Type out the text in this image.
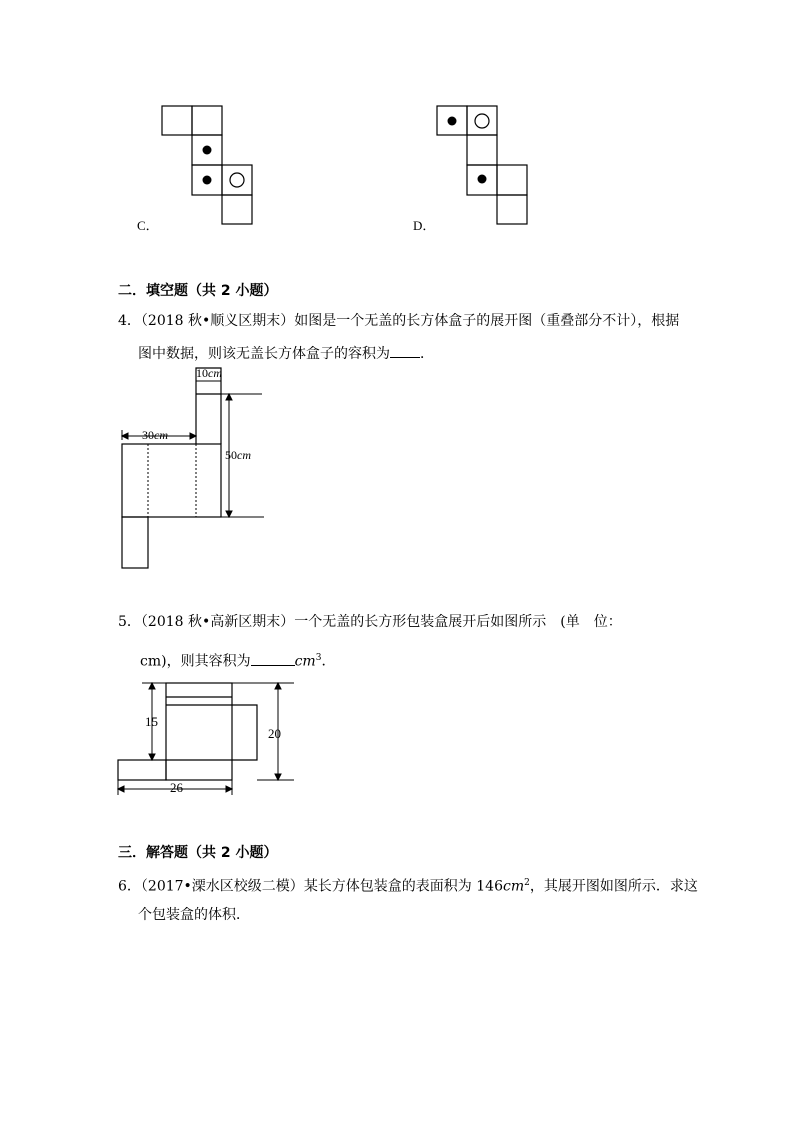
C．	D．
二．填空题（共 2 小题）
4．（2018 秋•顺义区期末）如图是一个无盖的长方体盒子的展开图（重叠部分不计），根据
图中数据，则该无盖长方体盒子的容积为 ．
10cm
30cm
50cm
5．（2018 秋•高新区期末）一个无盖的长方形包装盒展开后如图所示　(单　位：
cm)，则其容积为	$cm^3$．
15
20
26
三．解答题（共 2 小题）
6．（2017•溧水区校级二模）某长方体包装盒的表面积为 $146cm^2$，其展开图如图所示．求这
个包装盒的体积．
